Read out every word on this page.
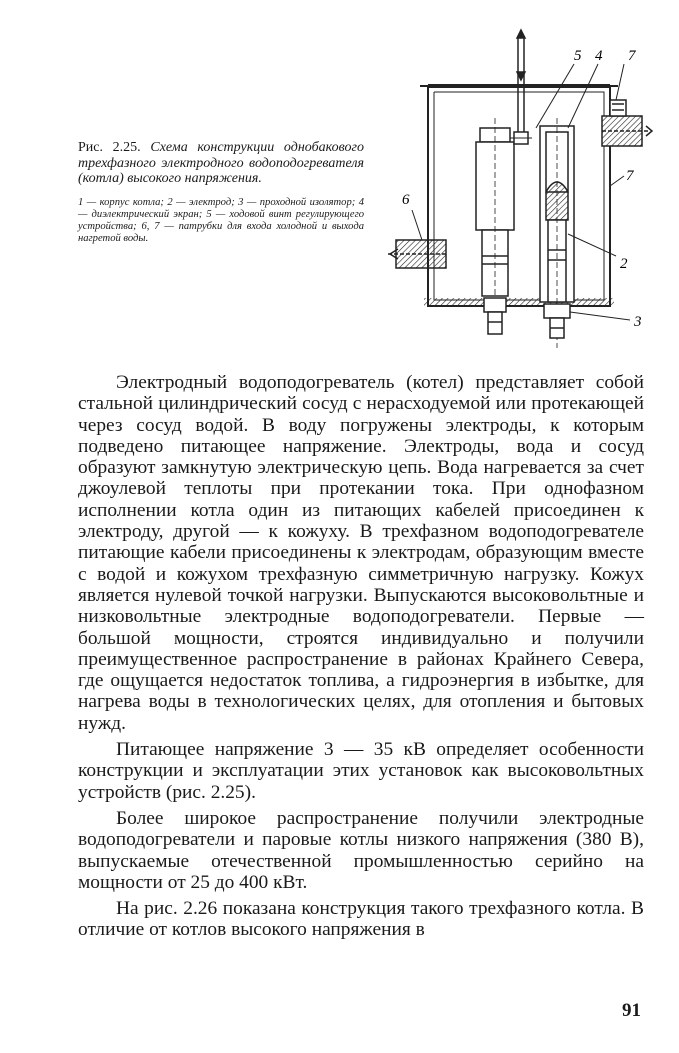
Рис. 2.25. Схема конструкции однобакового трехфазного электродного водоподогревателя (котла) высокого напряжения.

1 — корпус котла; 2 — электрод; 3 — проходной изолятор; 4 — диэлектрический экран; 5 — ходовой винт регулирующего устройства; 6, 7 — патрубки для входа холодной и выхода нагретой воды.

5 4 7
7
6
2
3

Электродный водоподогреватель (котел) представляет собой стальной цилиндрический сосуд с нерасходуемой или протекающей через сосуд водой. В воду погружены электроды, к которым подведено питающее напряжение. Электроды, вода и сосуд образуют замкнутую электрическую цепь. Вода нагревается за счет джоулевой теплоты при протекании тока. При однофазном исполнении котла один из питающих кабелей присоединен к электроду, другой — к кожуху. В трехфазном водоподогревателе питающие кабели присоединены к электродам, образующим вместе с водой и кожухом трехфазную симметричную нагрузку. Кожух является нулевой точкой нагрузки. Выпускаются высоковольтные и низковольтные электродные водоподогреватели. Первые — большой мощности, строятся индивидуально и получили преимущественное распространение в районах Крайнего Севера, где ощущается недостаток топлива, а гидроэнергия в избытке, для нагрева воды в технологических целях, для отопления и бытовых нужд.

Питающее напряжение 3 — 35 кВ определяет особенности конструкции и эксплуатации этих установок как высоковольтных устройств (рис. 2.25).

Более широкое распространение получили электродные водоподогреватели и паровые котлы низкого напряжения (380 В), выпускаемые отечественной промышленностью серийно на мощности от 25 до 400 кВт.

На рис. 2.26 показана конструкция такого трехфазного котла. В отличие от котлов высокого напряжения в

91
